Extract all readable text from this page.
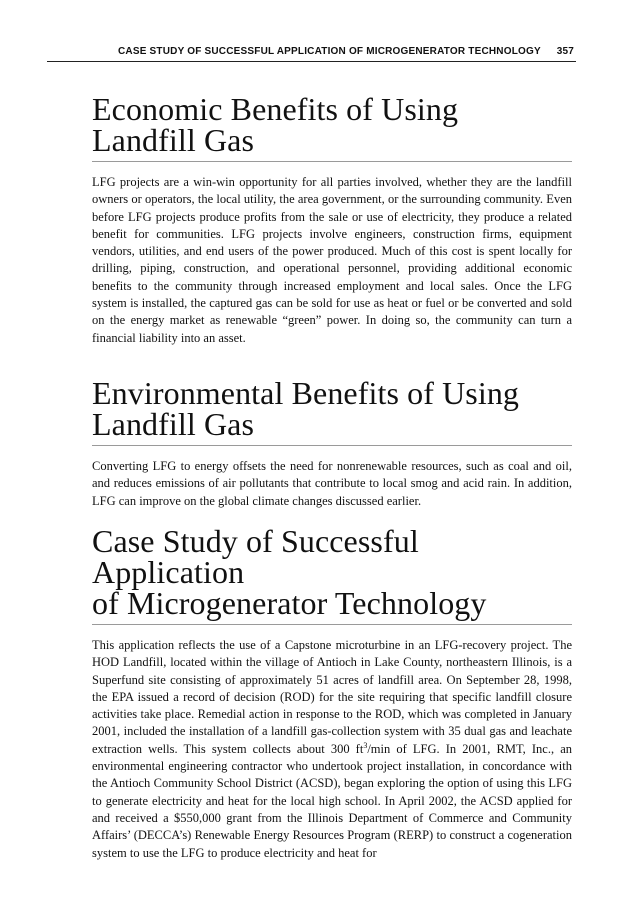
CASE STUDY OF SUCCESSFUL APPLICATION OF MICROGENERATOR TECHNOLOGY 357
Economic Benefits of Using
Landfill Gas

LFG projects are a win-win opportunity for all parties involved, whether they are the landfill owners or operators, the local utility, the area government, or the surrounding community. Even before LFG projects produce profits from the sale or use of electricity, they produce a related benefit for communities. LFG projects involve engineers, construction firms, equipment vendors, utilities, and end users of the power produced. Much of this cost is spent locally for drilling, piping, construction, and operational personnel, providing additional economic benefits to the community through increased employment and local sales. Once the LFG system is installed, the captured gas can be sold for use as heat or fuel or be converted and sold on the energy market as renewable “green” power. In doing so, the community can turn a financial liability into an asset.

Environmental Benefits of Using
Landfill Gas

Converting LFG to energy offsets the need for nonrenewable resources, such as coal and oil, and reduces emissions of air pollutants that contribute to local smog and acid rain. In addition, LFG can improve on the global climate changes discussed earlier.

Case Study of Successful Application
of Microgenerator Technology

This application reflects the use of a Capstone microturbine in an LFG-recovery project. The HOD Landfill, located within the village of Antioch in Lake County, northeastern Illinois, is a Superfund site consisting of approximately 51 acres of landfill area. On September 28, 1998, the EPA issued a record of decision (ROD) for the site requiring that specific landfill closure activities take place. Remedial action in response to the ROD, which was completed in January 2001, included the installation of a landfill gas-collection system with 35 dual gas and leachate extraction wells. This system collects about 300 $ft^3/\min$ of LFG. In 2001, RMT, Inc., an environmental engineering contractor who undertook project installation, in concordance with the Antioch Community School District (ACSD), began exploring the option of using this LFG to generate electricity and heat for the local high school. In April 2002, the ACSD applied for and received a $550,000 grant from the Illinois Department of Commerce and Community Affairs’ (DECCA’s) Renewable Energy Resources Program (RERP) to construct a cogeneration system to use the LFG to produce electricity and heat for
